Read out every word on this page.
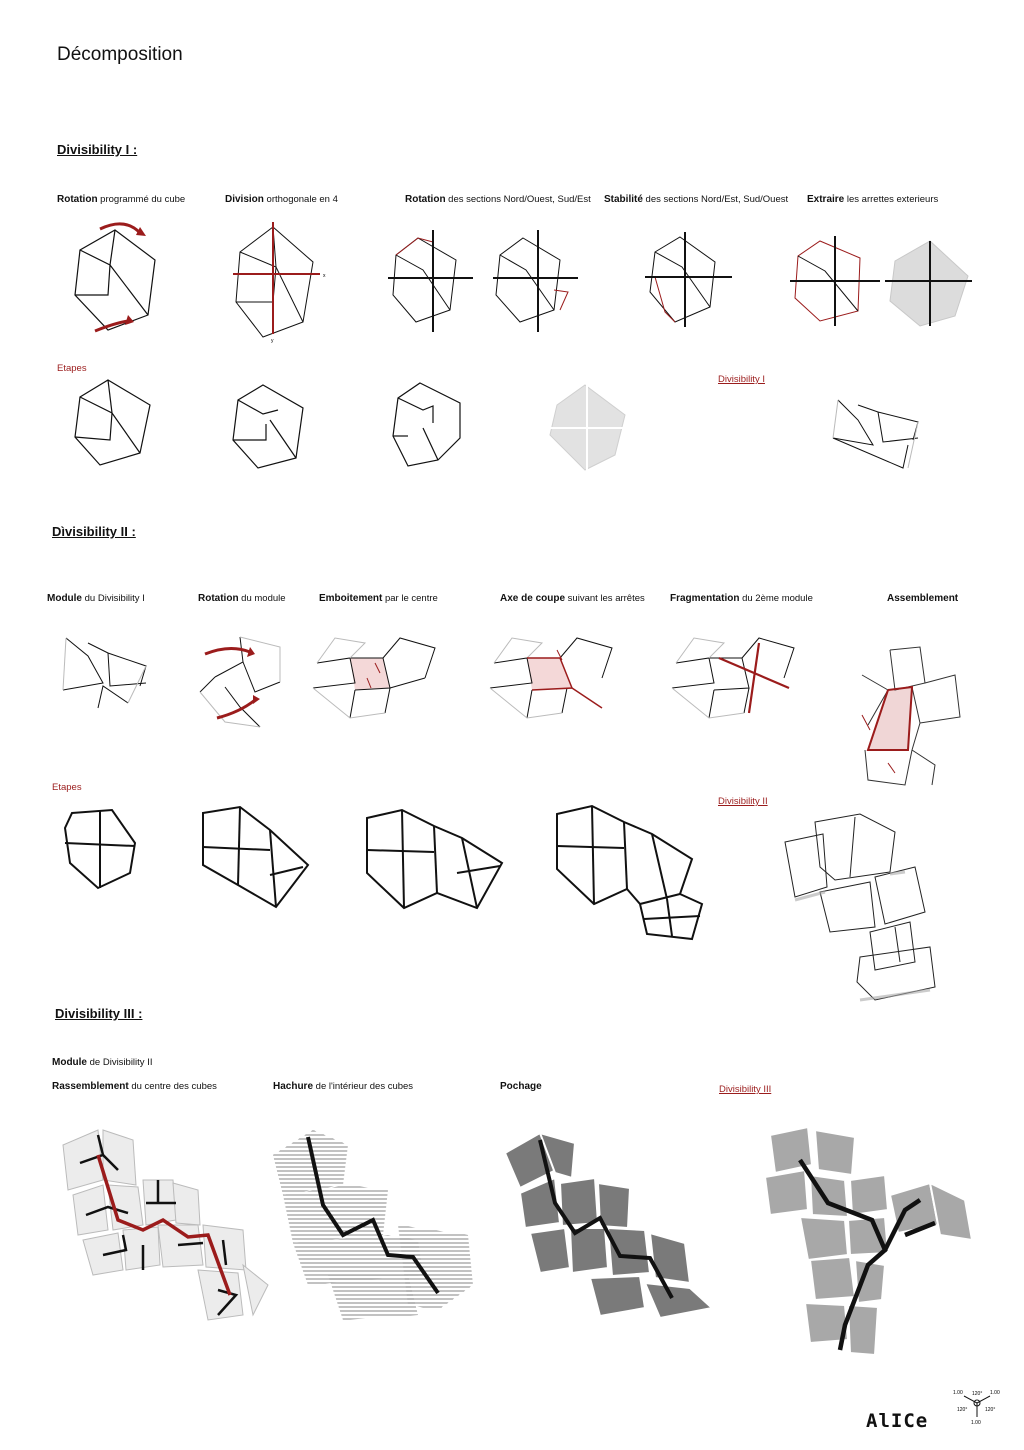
Décomposition
Divisibility I :
Rotation programmé du cube	Division orthogonale en 4	Rotation des sections Nord/Ouest, Sud/Est Stabilité des sections Nord/Est, Sud/Ouest Extraire les arrettes exterieurs
x
y
Etapes
Divisibility I
Dìvisibility II :
Module du Divisibility I	Rotation du module	Emboitement par le centre	Axe de coupe suivant les arrêtes	Fragmentation du 2ème module	Assemblement
Etapes
Divisibility II
Divisibility III :
Module de Divisibility II
Rassemblement du centre des cubes	Hachure de l'intérieur des cubes	Pochage	Divisibility III
1.00	1.00
1.00
120°
120°	120°
AlICe
